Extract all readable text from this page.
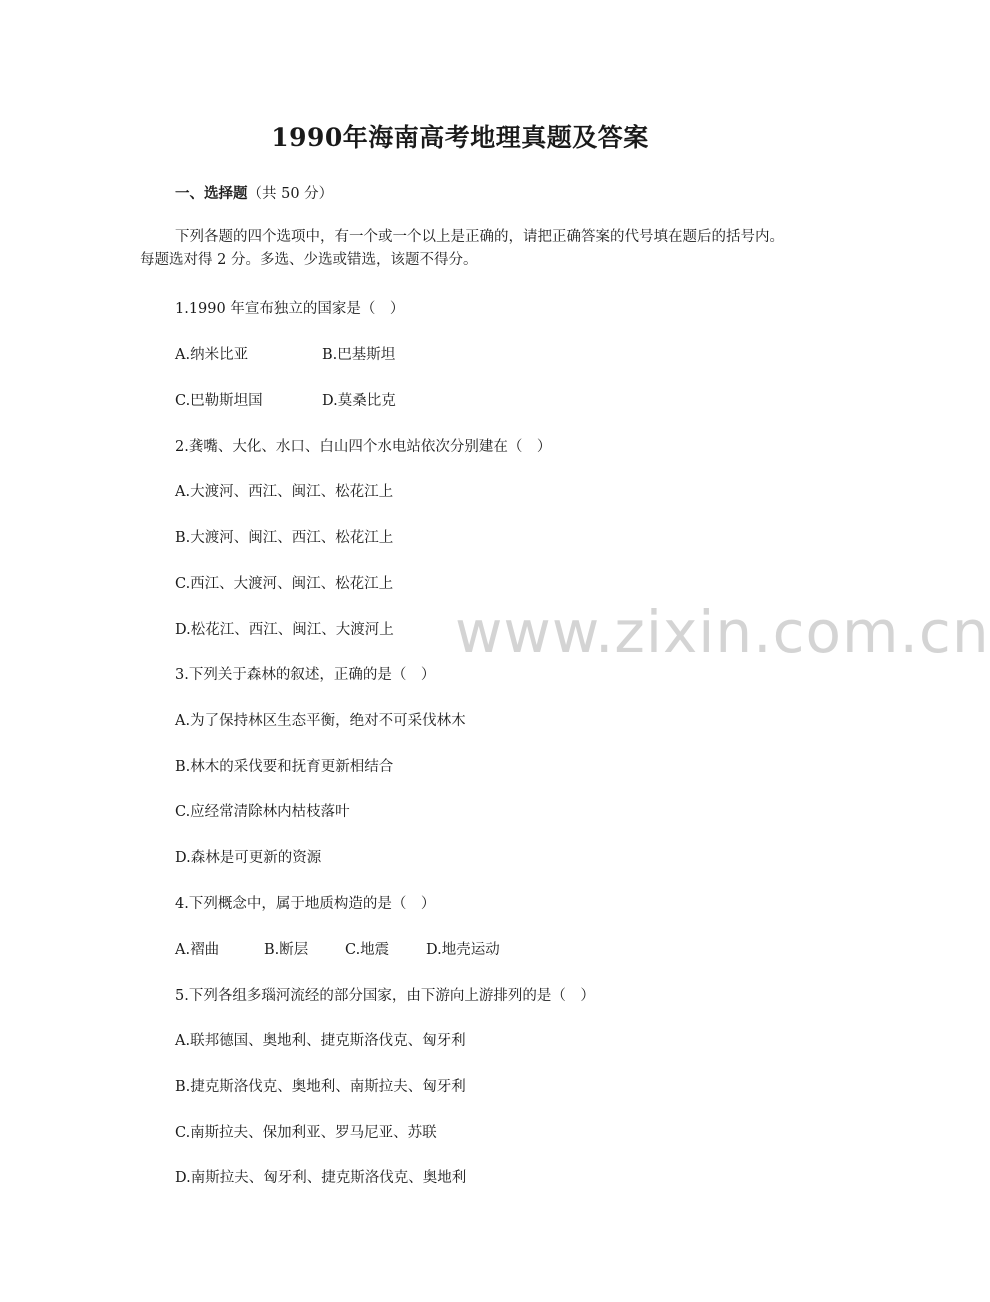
1990年海南高考地理真题及答案
一、选择题（共 50 分）
下列各题的四个选项中，有一个或一个以上是正确的，请把正确答案的代号填在题后的括号内。每题选对得 2 分。多选、少选或错选，该题不得分。
1.1990 年宣布独立的国家是（　）
A.纳米比亚	B.巴基斯坦
C.巴勒斯坦国	D.莫桑比克
2.龚嘴、大化、水口、白山四个水电站依次分别建在（　）
A.大渡河、西江、闽江、松花江上
B.大渡河、闽江、西江、松花江上
C.西江、大渡河、闽江、松花江上
D.松花江、西江、闽江、大渡河上
3.下列关于森林的叙述，正确的是（　）
A.为了保持林区生态平衡，绝对不可采伐林木
B.林木的采伐要和抚育更新相结合
C.应经常清除林内枯枝落叶
D.森林是可更新的资源
4.下列概念中，属于地质构造的是（　）
A.褶曲	B.断层	C.地震	D.地壳运动
5.下列各组多瑙河流经的部分国家，由下游向上游排列的是（　）
A.联邦德国、奥地利、捷克斯洛伐克、匈牙利
B.捷克斯洛伐克、奥地利、南斯拉夫、匈牙利
C.南斯拉夫、保加利亚、罗马尼亚、苏联
D.南斯拉夫、匈牙利、捷克斯洛伐克、奥地利
www.zixin.com.cn
